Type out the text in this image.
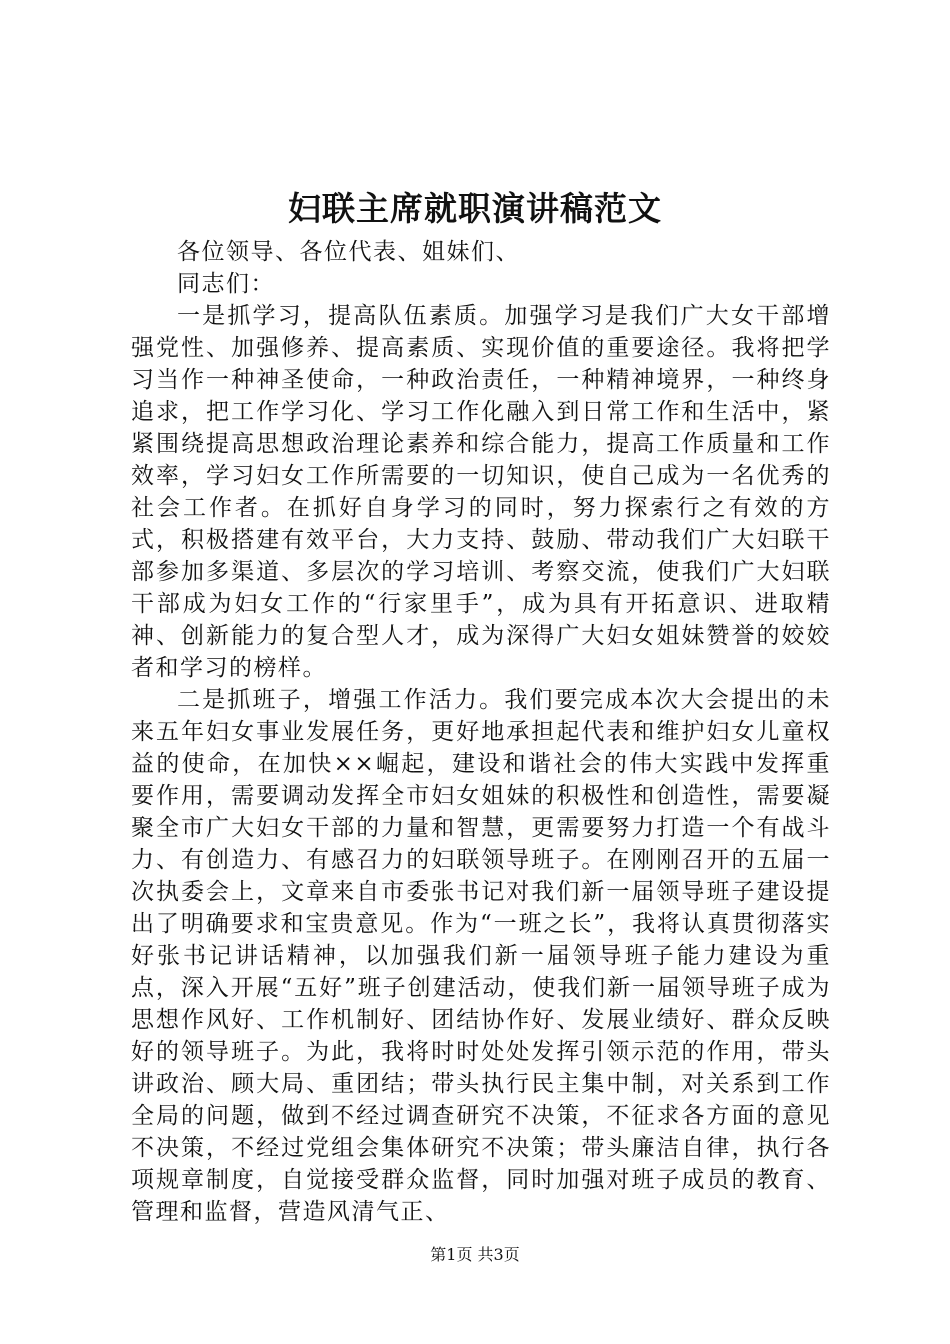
妇联主席就职演讲稿范文

各位领导、各位代表、姐妹们、

同志们：

一是抓学习，提高队伍素质。加强学习是我们广大女干部增强党性、加强修养、提高素质、实现价值的重要途径。我将把学习当作一种神圣使命，一种政治责任，一种精神境界，一种终身追求，把工作学习化、学习工作化融入到日常工作和生活中，紧紧围绕提高思想政治理论素养和综合能力，提高工作质量和工作效率，学习妇女工作所需要的一切知识，使自己成为一名优秀的社会工作者。在抓好自身学习的同时，努力探索行之有效的方式，积极搭建有效平台，大力支持、鼓励、带动我们广大妇联干部参加多渠道、多层次的学习培训、考察交流，使我们广大妇联干部成为妇女工作的“行家里手”，成为具有开拓意识、进取精神、创新能力的复合型人才，成为深得广大妇女姐妹赞誉的姣姣者和学习的榜样。

二是抓班子，增强工作活力。我们要完成本次大会提出的未来五年妇女事业发展任务，更好地承担起代表和维护妇女儿童权益的使命，在加快××崛起，建设和谐社会的伟大实践中发挥重要作用，需要调动发挥全市妇女姐妹的积极性和创造性，需要凝聚全市广大妇女干部的力量和智慧，更需要努力打造一个有战斗力、有创造力、有感召力的妇联领导班子。在刚刚召开的五届一次执委会上，文章来自市委张书记对我们新一届领导班子建设提出了明确要求和宝贵意见。作为“一班之长”，我将认真贯彻落实好张书记讲话精神，以加强我们新一届领导班子能力建设为重点，深入开展“五好”班子创建活动，使我们新一届领导班子成为思想作风好、工作机制好、团结协作好、发展业绩好、群众反映好的领导班子。为此，我将时时处处发挥引领示范的作用，带头讲政治、顾大局、重团结；带头执行民主集中制，对关系到工作全局的问题，做到不经过调查研究不决策，不征求各方面的意见不决策，不经过党组会集体研究不决策；带头廉洁自律，执行各项规章制度，自觉接受群众监督，同时加强对班子成员的教育、管理和监督，营造风清气正、

第1页 共3页
